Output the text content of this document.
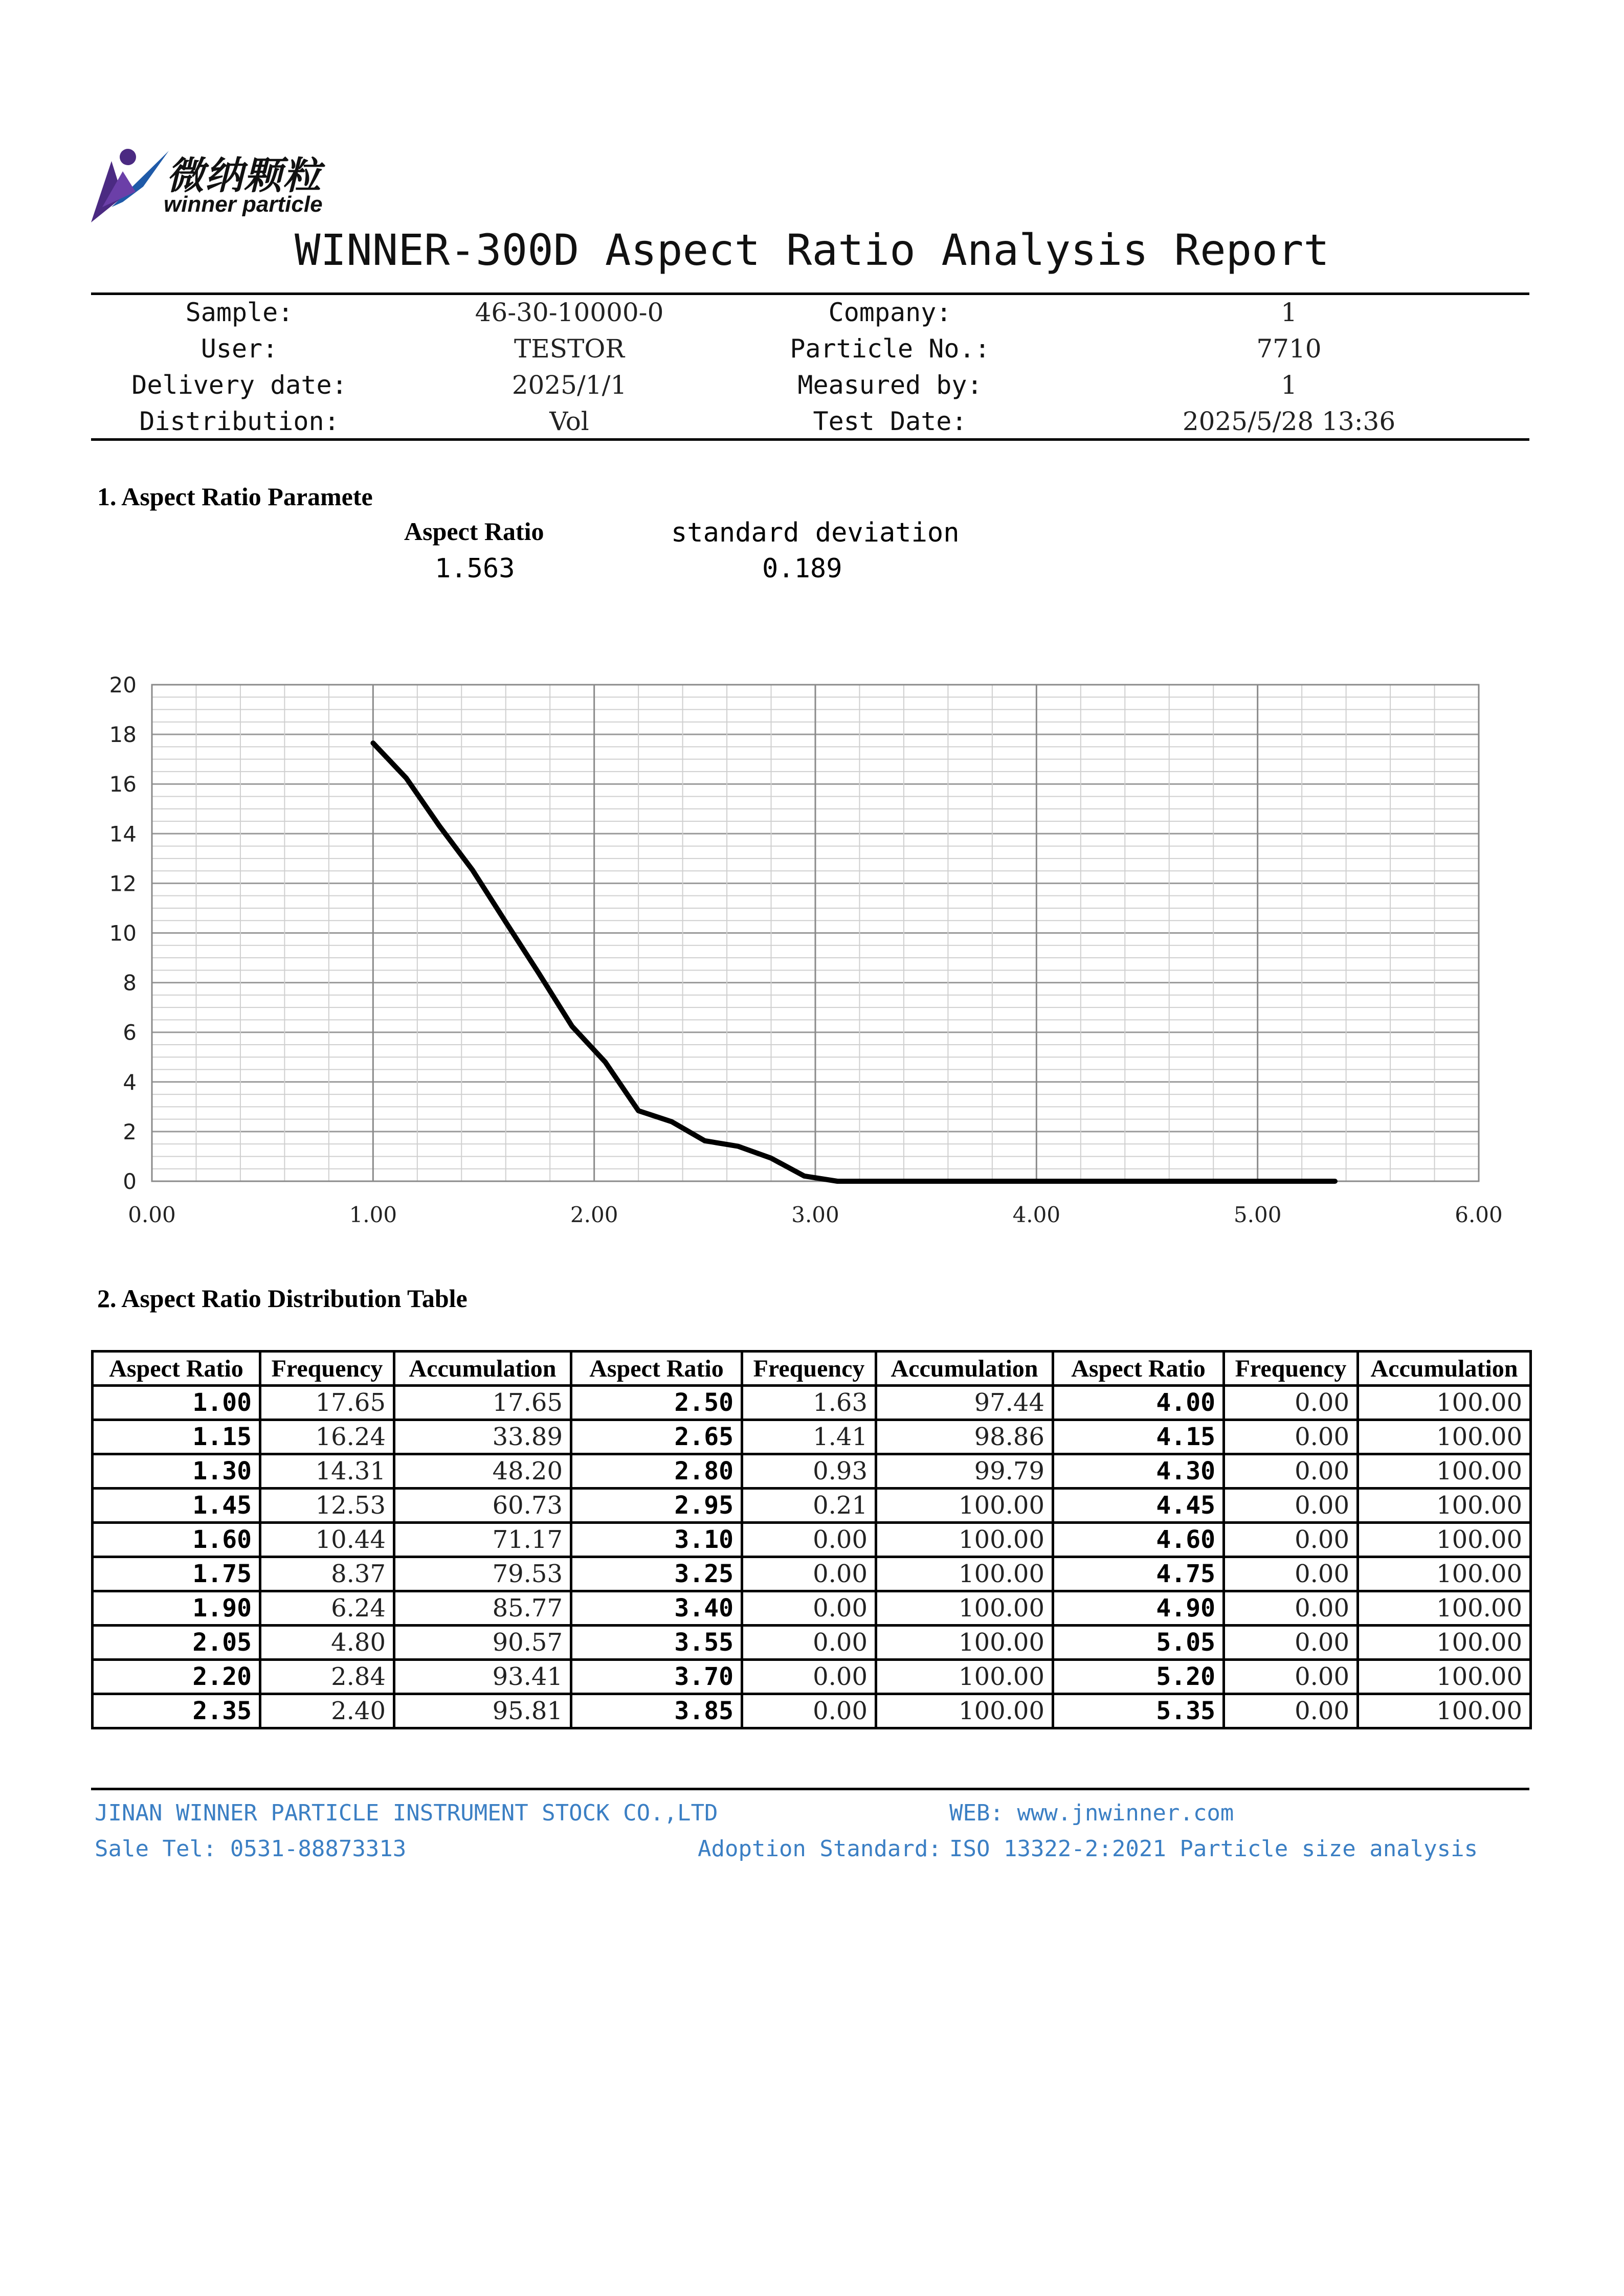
微纳颗粒
winner particle
WINNER-300D Aspect Ratio Analysis Report
Sample:	46-30-10000-0	Company:	1
User:	TESTOR	Particle No.:	7710
Delivery date:	2025/1/1	Measured by:	1
Distribution:	Vol	Test Date:	2025/5/28 13:36
1. Aspect Ratio Paramete
Aspect Ratio	standard deviation
1.563	0.189
0
2
4
6
8
10
12
14
16
18
20
0.00	1.00	2.00	3.00	4.00	5.00	6.00
2. Aspect Ratio Distribution Table
Aspect Ratio	Frequency	Accumulation	Aspect Ratio	Frequency	Accumulation	Aspect Ratio	Frequency	Accumulation
1.00	17.65	17.65	2.50	1.63	97.44	4.00	0.00	100.00
1.15	16.24	33.89	2.65	1.41	98.86	4.15	0.00	100.00
1.30	14.31	48.20	2.80	0.93	99.79	4.30	0.00	100.00
1.45	12.53	60.73	2.95	0.21	100.00	4.45	0.00	100.00
1.60	10.44	71.17	3.10	0.00	100.00	4.60	0.00	100.00
1.75	8.37	79.53	3.25	0.00	100.00	4.75	0.00	100.00
1.90	6.24	85.77	3.40	0.00	100.00	4.90	0.00	100.00
2.05	4.80	90.57	3.55	0.00	100.00	5.05	0.00	100.00
2.20	2.84	93.41	3.70	0.00	100.00	5.20	0.00	100.00
2.35	2.40	95.81	3.85	0.00	100.00	5.35	0.00	100.00
JINAN WINNER PARTICLE INSTRUMENT STOCK CO.,LTD	WEB: www.jnwinner.com
Sale Tel: 0531-88873313	Adoption Standard: ISO 13322-2:2021 Particle size analysis
